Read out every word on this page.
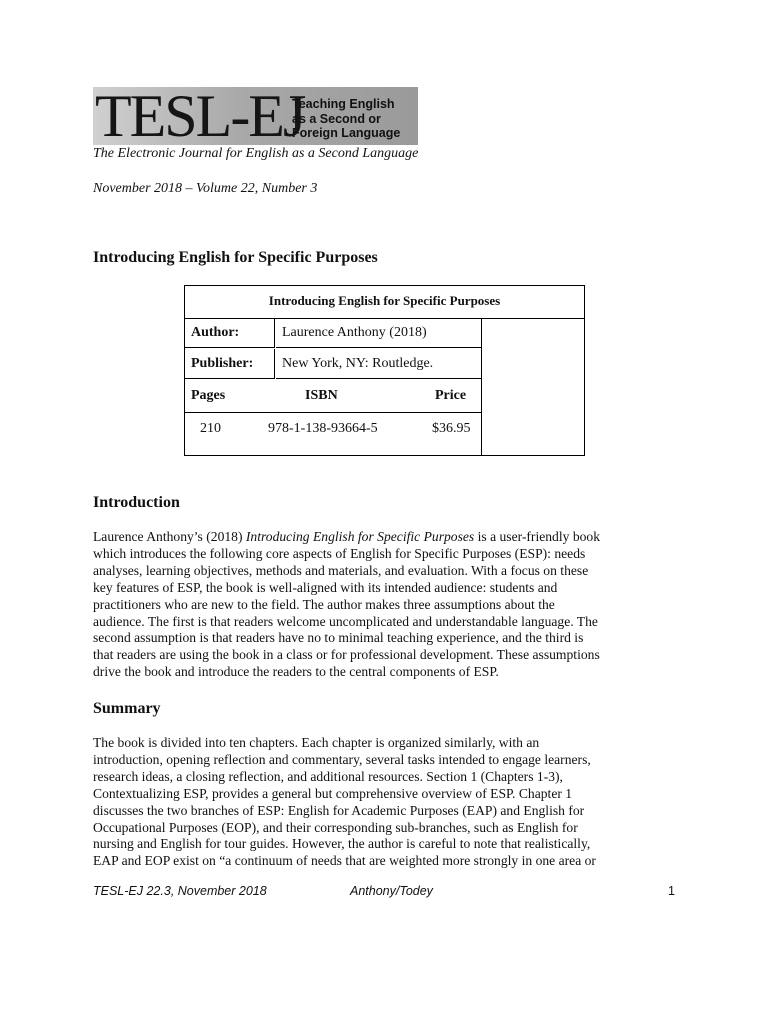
TESL-EJ
Teaching English
as a Second or
Foreign Language
The Electronic Journal for English as a Second Language
November 2018 – Volume 22, Number 3
Introducing English for Specific Purposes
Introducing English for Specific Purposes
Author:	Laurence Anthony (2018)
Publisher:	New York, NY: Routledge.
Pages	ISBN	Price
210	978-1-138-93664-5	$36.95
Introduction
Laurence Anthony’s (2018) Introducing English for Specific Purposes is a user-friendly book
which introduces the following core aspects of English for Specific Purposes (ESP): needs
analyses, learning objectives, methods and materials, and evaluation. With a focus on these
key features of ESP, the book is well-aligned with its intended audience: students and
practitioners who are new to the field. The author makes three assumptions about the
audience. The first is that readers welcome uncomplicated and understandable language. The
second assumption is that readers have no to minimal teaching experience, and the third is
that readers are using the book in a class or for professional development. These assumptions
drive the book and introduce the readers to the central components of ESP.
Summary
The book is divided into ten chapters. Each chapter is organized similarly, with an
introduction, opening reflection and commentary, several tasks intended to engage learners,
research ideas, a closing reflection, and additional resources. Section 1 (Chapters 1-3),
Contextualizing ESP, provides a general but comprehensive overview of ESP. Chapter 1
discusses the two branches of ESP: English for Academic Purposes (EAP) and English for
Occupational Purposes (EOP), and their corresponding sub-branches, such as English for
nursing and English for tour guides. However, the author is careful to note that realistically,
EAP and EOP exist on “a continuum of needs that are weighted more strongly in one area or
TESL-EJ 22.3, November 2018	Anthony/Todey	1
